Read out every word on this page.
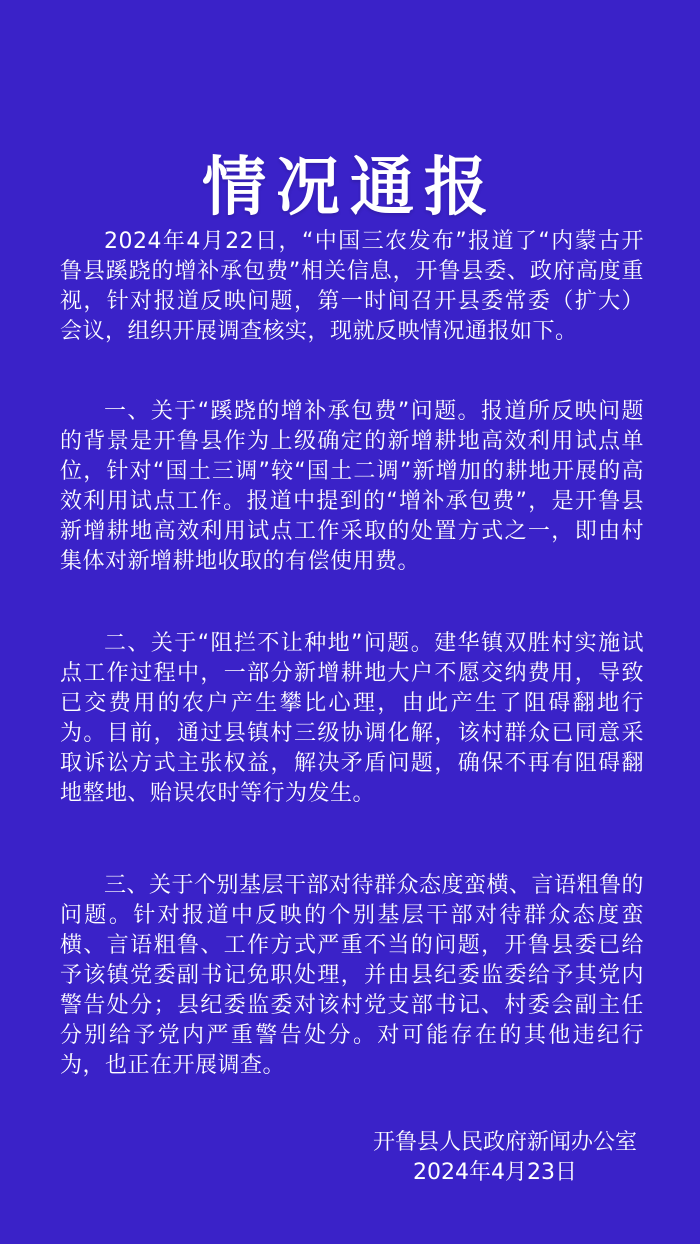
情况通报

2024年4月22日，“中国三农发布”报道了“内蒙古开鲁县蹊跷的增补承包费”相关信息，开鲁县委、政府高度重视，针对报道反映问题，第一时间召开县委常委（扩大）会议，组织开展调查核实，现就反映情况通报如下。

一、关于“蹊跷的增补承包费”问题。报道所反映问题的背景是开鲁县作为上级确定的新增耕地高效利用试点单位，针对“国土三调”较“国土二调”新增加的耕地开展的高效利用试点工作。报道中提到的“增补承包费”，是开鲁县新增耕地高效利用试点工作采取的处置方式之一，即由村集体对新增耕地收取的有偿使用费。

二、关于“阻拦不让种地”问题。建华镇双胜村实施试点工作过程中，一部分新增耕地大户不愿交纳费用，导致已交费用的农户产生攀比心理，由此产生了阻碍翻地行为。目前，通过县镇村三级协调化解，该村群众已同意采取诉讼方式主张权益，解决矛盾问题，确保不再有阻碍翻地整地、贻误农时等行为发生。

三、关于个别基层干部对待群众态度蛮横、言语粗鲁的问题。针对报道中反映的个别基层干部对待群众态度蛮横、言语粗鲁、工作方式严重不当的问题，开鲁县委已给予该镇党委副书记免职处理，并由县纪委监委给予其党内警告处分；县纪委监委对该村党支部书记、村委会副主任分别给予党内严重警告处分。对可能存在的其他违纪行为，也正在开展调查。

开鲁县人民政府新闻办公室
2024年4月23日
